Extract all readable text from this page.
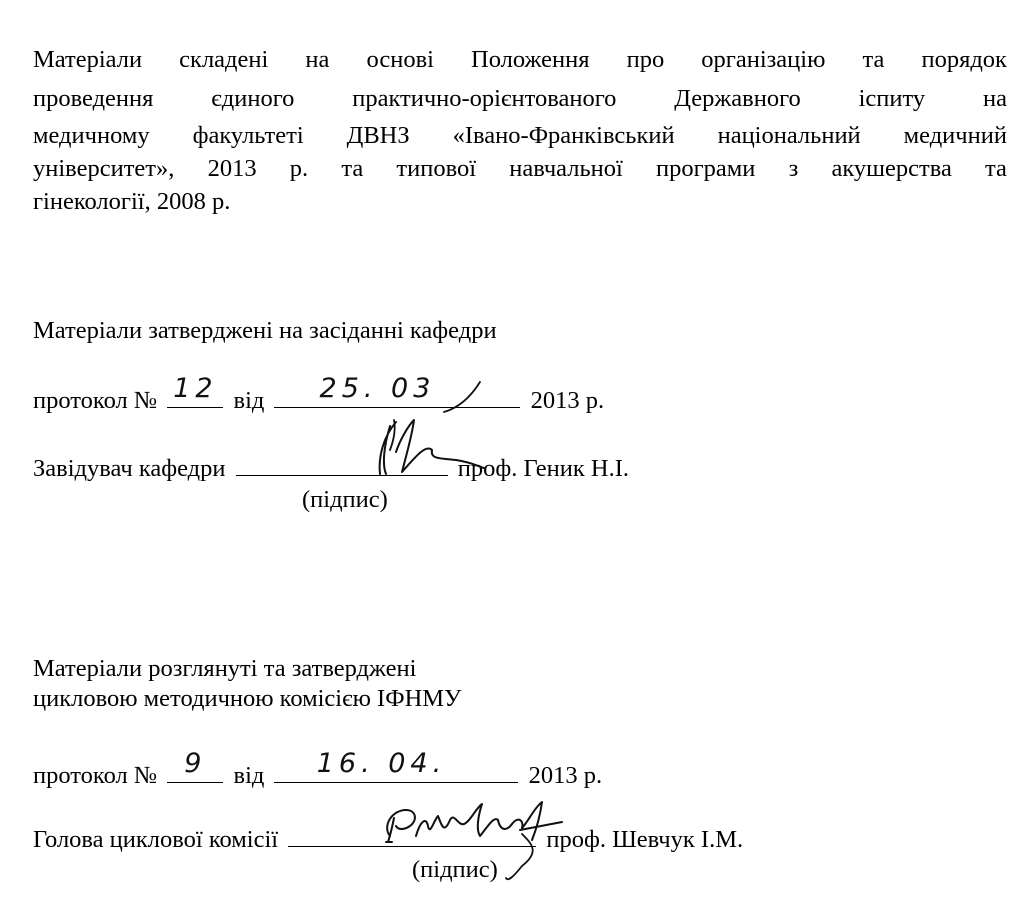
Матеріали складені на основі Положення про організацію та порядок
проведення єдиного практично-орієнтованого Державного іспиту на
медичному факультеті ДВНЗ «Івано-Франківський національний медичний
університет», 2013 р. та типової навчальної програми з акушерства та
гінекології, 2008 р.
Матеріали затверджені на засіданні кафедри
протокол № 12 від	25. 03	2013 р.
Завідувач кафедри	проф. Геник Н.І.
(підпис)
Матеріали розглянуті та затверджені
цикловою методичною комісією ІФНМУ
протокол №	9	від	16. 04.	2013 р.
Голова циклової комісії	проф. Шевчук І.М.
(підпис)
